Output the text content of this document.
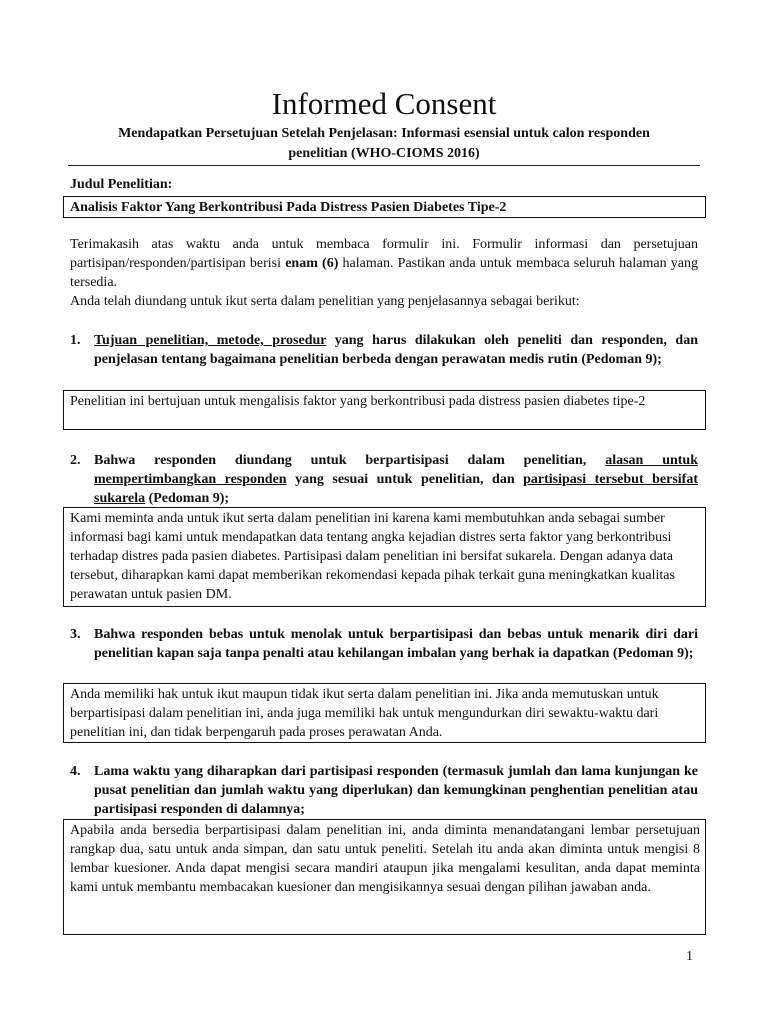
Informed Consent
Mendapatkan Persetujuan Setelah Penjelasan: Informasi esensial untuk calon responden penelitian (WHO-CIOMS 2016)
Judul Penelitian:
Analisis Faktor Yang Berkontribusi Pada Distress Pasien Diabetes Tipe-2
Terimakasih atas waktu anda untuk membaca formulir ini. Formulir informasi dan persetujuan partisipan/responden/partisipan berisi enam (6) halaman. Pastikan anda untuk membaca seluruh halaman yang tersedia.
Anda telah diundang untuk ikut serta dalam penelitian yang penjelasannya sebagai berikut:
1. Tujuan penelitian, metode, prosedur yang harus dilakukan oleh peneliti dan responden, dan penjelasan tentang bagaimana penelitian berbeda dengan perawatan medis rutin (Pedoman 9);
Penelitian ini bertujuan untuk mengalisis faktor yang berkontribusi pada distress pasien diabetes tipe-2
2. Bahwa responden diundang untuk berpartisipasi dalam penelitian, alasan untuk mempertimbangkan responden yang sesuai untuk penelitian, dan partisipasi tersebut bersifat sukarela (Pedoman 9);
Kami meminta anda untuk ikut serta dalam penelitian ini karena kami membutuhkan anda sebagai sumber informasi bagi kami untuk mendapatkan data tentang angka kejadian distres serta faktor yang berkontribusi terhadap distres pada pasien diabetes. Partisipasi dalam penelitian ini bersifat sukarela. Dengan adanya data tersebut, diharapkan kami dapat memberikan rekomendasi kepada pihak terkait guna meningkatkan kualitas perawatan untuk pasien DM.
3. Bahwa responden bebas untuk menolak untuk berpartisipasi dan bebas untuk menarik diri dari penelitian kapan saja tanpa penalti atau kehilangan imbalan yang berhak ia dapatkan (Pedoman 9);
Anda memiliki hak untuk ikut maupun tidak ikut serta dalam penelitian ini. Jika anda memutuskan untuk berpartisipasi dalam penelitian ini, anda juga memiliki hak untuk mengundurkan diri sewaktu-waktu dari penelitian ini, dan tidak berpengaruh pada proses perawatan Anda.
4. Lama waktu yang diharapkan dari partisipasi responden (termasuk jumlah dan lama kunjungan ke pusat penelitian dan jumlah waktu yang diperlukan) dan kemungkinan penghentian penelitian atau partisipasi responden di dalamnya;
Apabila anda bersedia berpartisipasi dalam penelitian ini, anda diminta menandatangani lembar persetujuan rangkap dua, satu untuk anda simpan, dan satu untuk peneliti. Setelah itu anda akan diminta untuk mengisi 8 lembar kuesioner. Anda dapat mengisi secara mandiri ataupun jika mengalami kesulitan, anda dapat meminta kami untuk membantu membacakan kuesioner dan mengisikannya sesuai dengan pilihan jawaban anda.
1
